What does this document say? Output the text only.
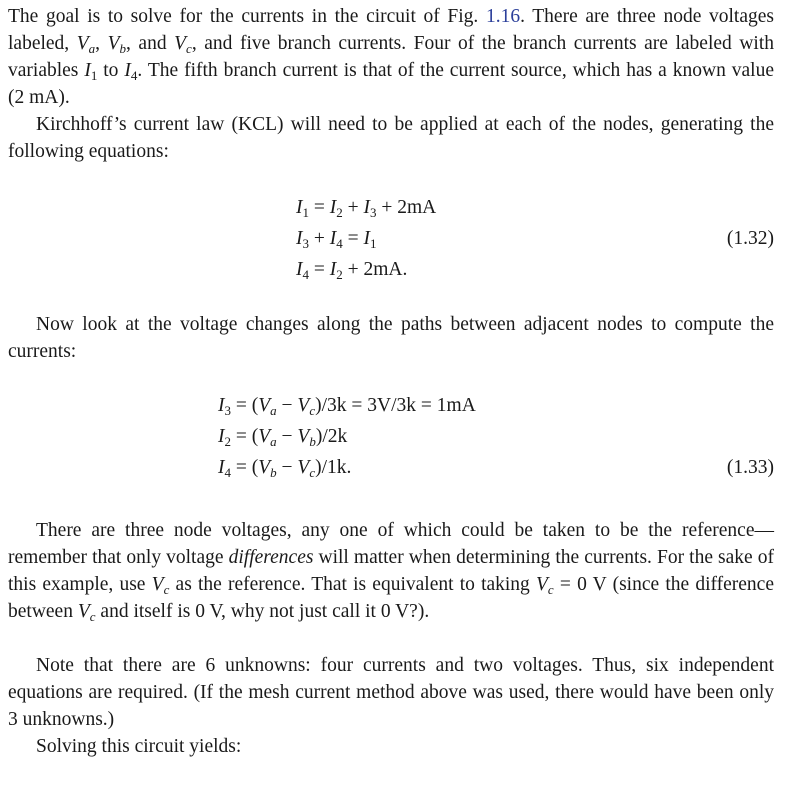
The goal is to solve for the currents in the circuit of Fig. 1.16. There are three node voltages labeled, $V_a$, $V_b$, and $V_c$, and five branch currents. Four of the branch currents are labeled with variables $I_1$ to $I_4$. The fifth branch current is that of the current source, which has a known value (2 mA).

Kirchhoff’s current law (KCL) will need to be applied at each of the nodes, generating the following equations:

$I_1 = I_2 + I_3 + 2mA$
$I_3 + I_4 = I_1$
$I_4 = I_2 + 2mA$.
(1.32)

Now look at the voltage changes along the paths between adjacent nodes to compute the currents:

$I_3 = (V_a - V_c)/3k = 3V/3k = 1mA$
$I_2 = (V_a - V_b)/2k$
$I_4 = (V_b - V_c)/1k$.	(1.33)

There are three node voltages, any one of which could be taken to be the reference—remember that only voltage differences will matter when determining the currents. For the sake of this example, use $V_c$ as the reference. That is equivalent to taking $V_c = 0$ V (since the difference between $V_c$ and itself is 0 V, why not just call it 0 V?).

Note that there are 6 unknowns: four currents and two voltages. Thus, six independent equations are required. (If the mesh current method above was used, there would have been only 3 unknowns.)

Solving this circuit yields:
